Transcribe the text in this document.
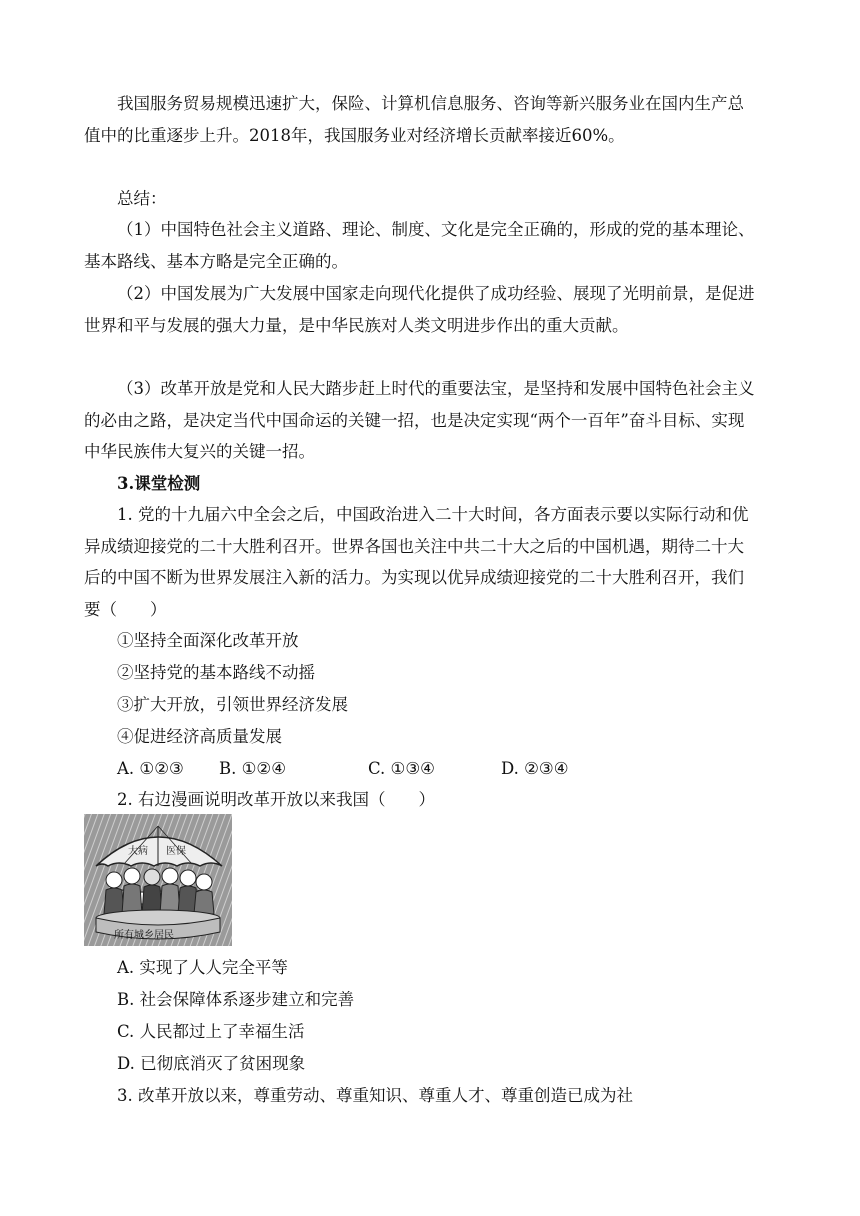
我国服务贸易规模迅速扩大，保险、计算机信息服务、咨询等新兴服务业在国内生产总值中的比重逐步上升。2018年，我国服务业对经济增长贡献率接近60%。

总结：

（1）中国特色社会主义道路、理论、制度、文化是完全正确的，形成的党的基本理论、基本路线、基本方略是完全正确的。

（2）中国发展为广大发展中国家走向现代化提供了成功经验、展现了光明前景，是促进世界和平与发展的强大力量，是中华民族对人类文明进步作出的重大贡献。

（3）改革开放是党和人民大踏步赶上时代的重要法宝，是坚持和发展中国特色社会主义的必由之路，是决定当代中国命运的关键一招，也是决定实现“两个一百年”奋斗目标、实现中华民族伟大复兴的关键一招。

3.课堂检测

1. 党的十九届六中全会之后，中国政治进入二十大时间，各方面表示要以实际行动和优异成绩迎接党的二十大胜利召开。世界各国也关注中共二十大之后的中国机遇，期待二十大后的中国不断为世界发展注入新的活力。为实现以优异成绩迎接党的二十大胜利召开，我们要（　　）

①坚持全面深化改革开放

②坚持党的基本路线不动摇

③扩大开放，引领世界经济发展

④促进经济高质量发展

A. ①②③ B. ①②④	C. ①③④	D. ②③④

2. 右边漫画说明改革开放以来我国（　　）

大病 医保
所有城乡居民

A. 实现了人人完全平等

B. 社会保障体系逐步建立和完善

C. 人民都过上了幸福生活

D. 已彻底消灭了贫困现象

3. 改革开放以来，尊重劳动、尊重知识、尊重人才、尊重创造已成为社
